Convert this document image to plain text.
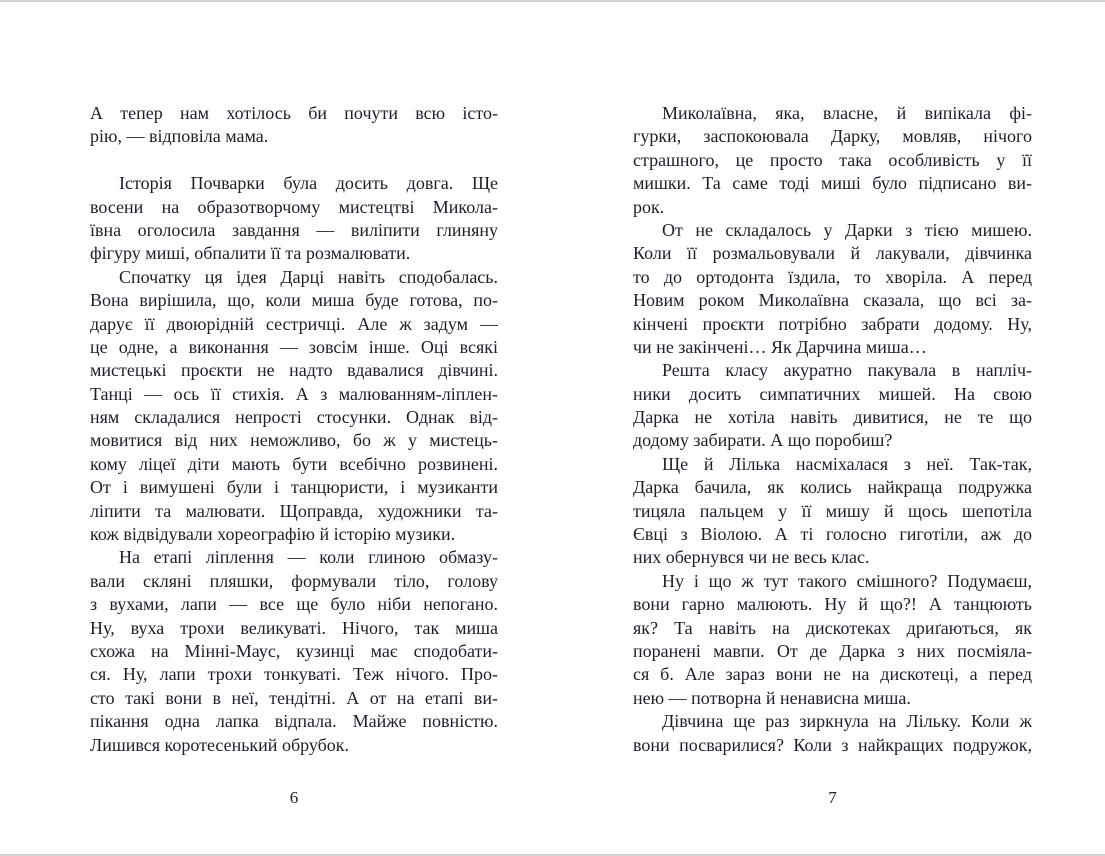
А тепер нам хотілось би почути всю істо-
рію, — відповіла мама.
Історія Почварки була досить довга. Ще
восени на образотворчому мистецтві Микола-
ївна оголосила завдання — виліпити глиняну
фігуру миші, обпалити її та розмалювати.
Спочатку ця ідея Дарці навіть сподобалась.
Вона вирішила, що, коли миша буде готова, по-
дарує її двоюрідній сестричці. Але ж задум —
це одне, а виконання — зовсім інше. Оці всякі
мистецькі проєкти не надто вдавалися дівчині.
Танці — ось її стихія. А з малюванням-ліплен-
ням складалися непрості стосунки. Однак від-
мовитися від них неможливо, бо ж у мистець-
кому ліцеї діти мають бути всебічно розвинені.
От і вимушені були і танцюристи, і музиканти
ліпити та малювати. Щоправда, художники та-
кож відвідували хореографію й історію музики.
На етапі ліплення — коли глиною обмазу-
вали скляні пляшки, формували тіло, голову
з вухами, лапи — все ще було ніби непогано.
Ну, вуха трохи великуваті. Нічого, так миша
схожа на Мінні-Маус, кузинці має сподобати-
ся. Ну, лапи трохи тонкуваті. Теж нічого. Про-
сто такі вони в неї, тендітні. А от на етапі ви-
пікання одна лапка відпала. Майже повністю.
Лишився коротесенький обрубок.
6
Миколаївна, яка, власне, й випікала фі-
гурки, заспокоювала Дарку, мовляв, нічого
страшного, це просто така особливість у її
мишки. Та саме тоді миші було підписано ви-
рок.
От не складалось у Дарки з тією мишею.
Коли її розмальовували й лакували, дівчинка
то до ортодонта їздила, то хворіла. А перед
Новим роком Миколаївна сказала, що всі за-
кінчені проєкти потрібно забрати додому. Ну,
чи не закінчені… Як Дарчина миша…
Решта класу акуратно пакувала в напліч-
ники досить симпатичних мишей. На свою
Дарка не хотіла навіть дивитися, не те що
додому забирати. А що поробиш?
Ще й Лілька насміхалася з неї. Так-так,
Дарка бачила, як колись найкраща подружка
тицяла пальцем у її мишу й щось шепотіла
Євці з Віолою. А ті голосно гиготіли, аж до
них обернувся чи не весь клас.
Ну і що ж тут такого смішного? Подумаєш,
вони гарно малюють. Ну й що?! А танцюють
як? Та навіть на дискотеках дриґаються, як
поранені мавпи. От де Дарка з них посміяла-
ся б. Але зараз вони не на дискотеці, а перед
нею — потворна й ненависна миша.
Дівчина ще раз зиркнула на Лільку. Коли ж
вони посварилися? Коли з найкращих подружок,
7
